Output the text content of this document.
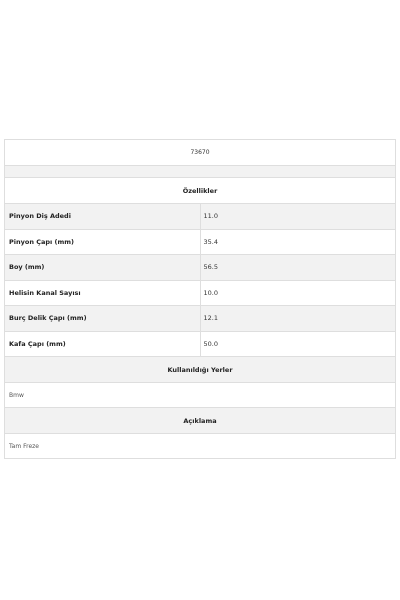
73670	

Özellikler	
Pinyon Diş Adedi	11.0
Pinyon Çapı (mm)	35.4
Boy (mm)	56.5
Helisin Kanal Sayısı	10.0
Burç Delik Çapı (mm)	12.1
Kafa Çapı (mm)	50.0
Kullanıldığı Yerler	
Bmw	
Açıklama	
Tam Freze	
